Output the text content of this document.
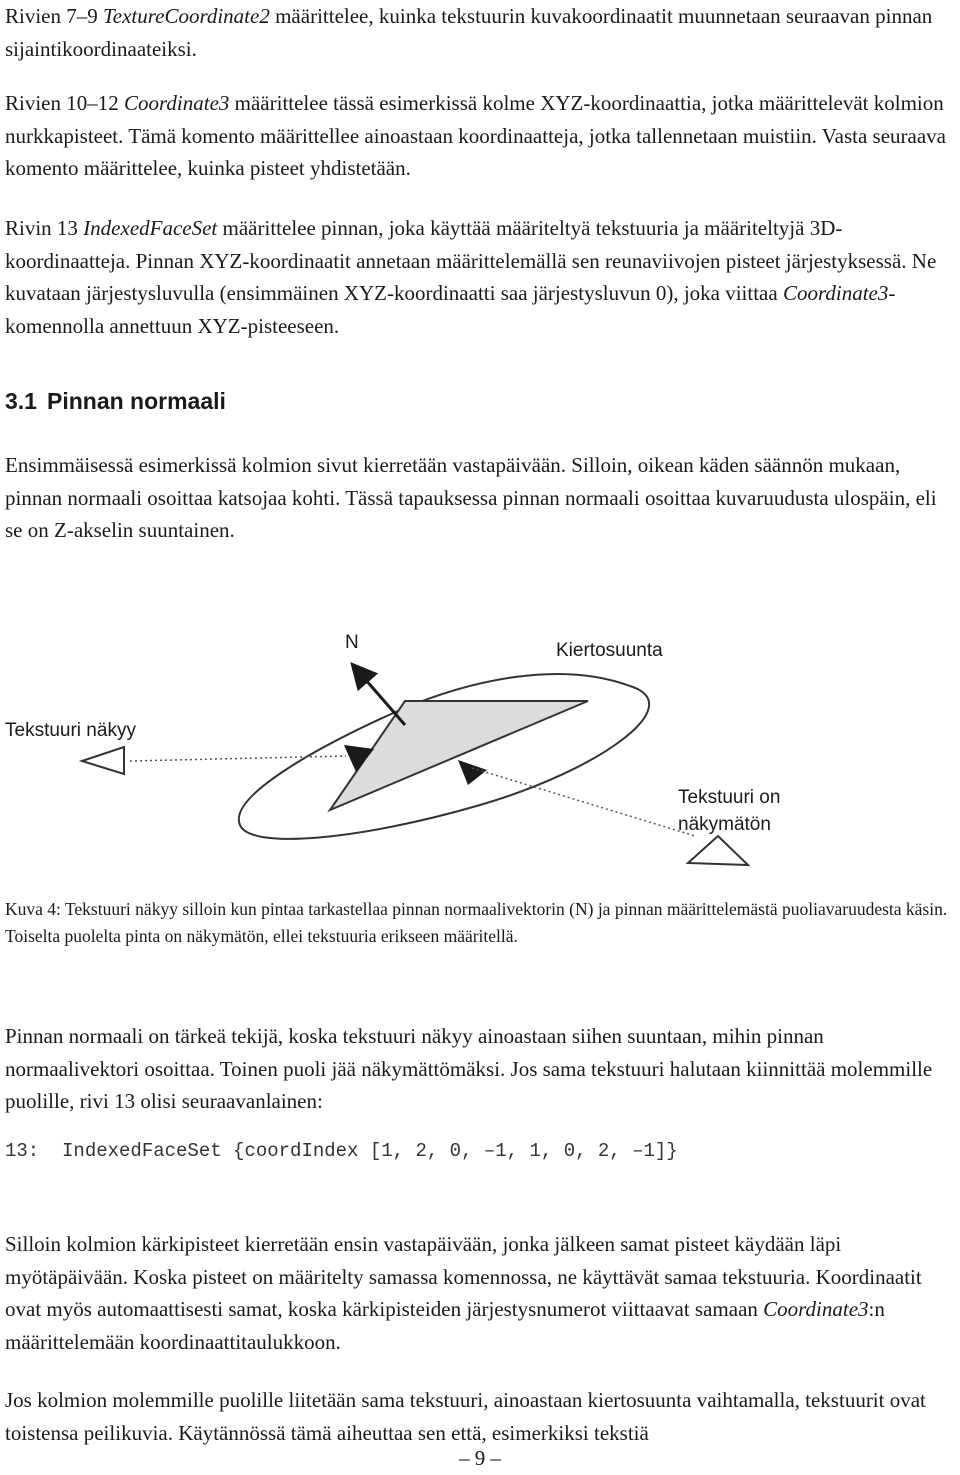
Rivien 7–9 TextureCoordinate2 määrittelee, kuinka tekstuurin kuvakoordinaatit muunnetaan seuraavan pinnan sijaintikoordinaateiksi.

Rivien 10–12 Coordinate3 määrittelee tässä esimerkissä kolme XYZ-koordinaattia, jotka määrittelevät kolmion nurkkapisteet. Tämä komento määrittellee ainoastaan koordinaatteja, jotka tallennetaan muistiin. Vasta seuraava komento määrittelee, kuinka pisteet yhdistetään.

Rivin 13 IndexedFaceSet määrittelee pinnan, joka käyttää määriteltyä tekstuuria ja määriteltyjä 3D-koordinaatteja. Pinnan XYZ-koordinaatit annetaan määrittelemällä sen reunaviivojen pisteet järjestyksessä. Ne kuvataan järjestysluvulla (ensimmäinen XYZ-koordinaatti saa järjestysluvun 0), joka viittaa Coordinate3-komennolla annettuun XYZ-pisteeseen.

3.1 Pinnan normaali

Ensimmäisessä esimerkissä kolmion sivut kierretään vastapäivään. Silloin, oikean käden säännön mukaan, pinnan normaali osoittaa katsojaa kohti. Tässä tapauksessa pinnan normaali osoittaa kuvaruudusta ulospäin, eli se on Z-akselin suuntainen.

N	Kiertosuunta
Tekstuuri näkyy
Tekstuuri on
näkymätön

Kuva 4: Tekstuuri näkyy silloin kun pintaa tarkastellaa pinnan normaalivektorin (N) ja pinnan määrittelemästä puoliavaruudesta käsin. Toiselta puolelta pinta on näkymätön, ellei tekstuuria erikseen määritellä.

Pinnan normaali on tärkeä tekijä, koska tekstuuri näkyy ainoastaan siihen suuntaan, mihin pinnan normaalivektori osoittaa. Toinen puoli jää näkymättömäksi. Jos sama tekstuuri halutaan kiinnittää molemmille puolille, rivi 13 olisi seuraavanlainen:

13:  IndexedFaceSet {coordIndex [1, 2, 0, –1, 1, 0, 2, –1]}

Silloin kolmion kärkipisteet kierretään ensin vastapäivään, jonka jälkeen samat pisteet käydään läpi myötäpäivään. Koska pisteet on määritelty samassa komennossa, ne käyttävät samaa tekstuuria. Koordinaatit ovat myös automaattisesti samat, koska kärkipisteiden järjestysnumerot viittaavat samaan Coordinate3:n määrittelemään koordinaattitaulukkoon.

Jos kolmion molemmille puolille liitetään sama tekstuuri, ainoastaan kiertosuunta vaihtamalla, tekstuurit ovat toistensa peilikuvia. Käytännössä tämä aiheuttaa sen että, esimerkiksi tekstiä

– 9 –
